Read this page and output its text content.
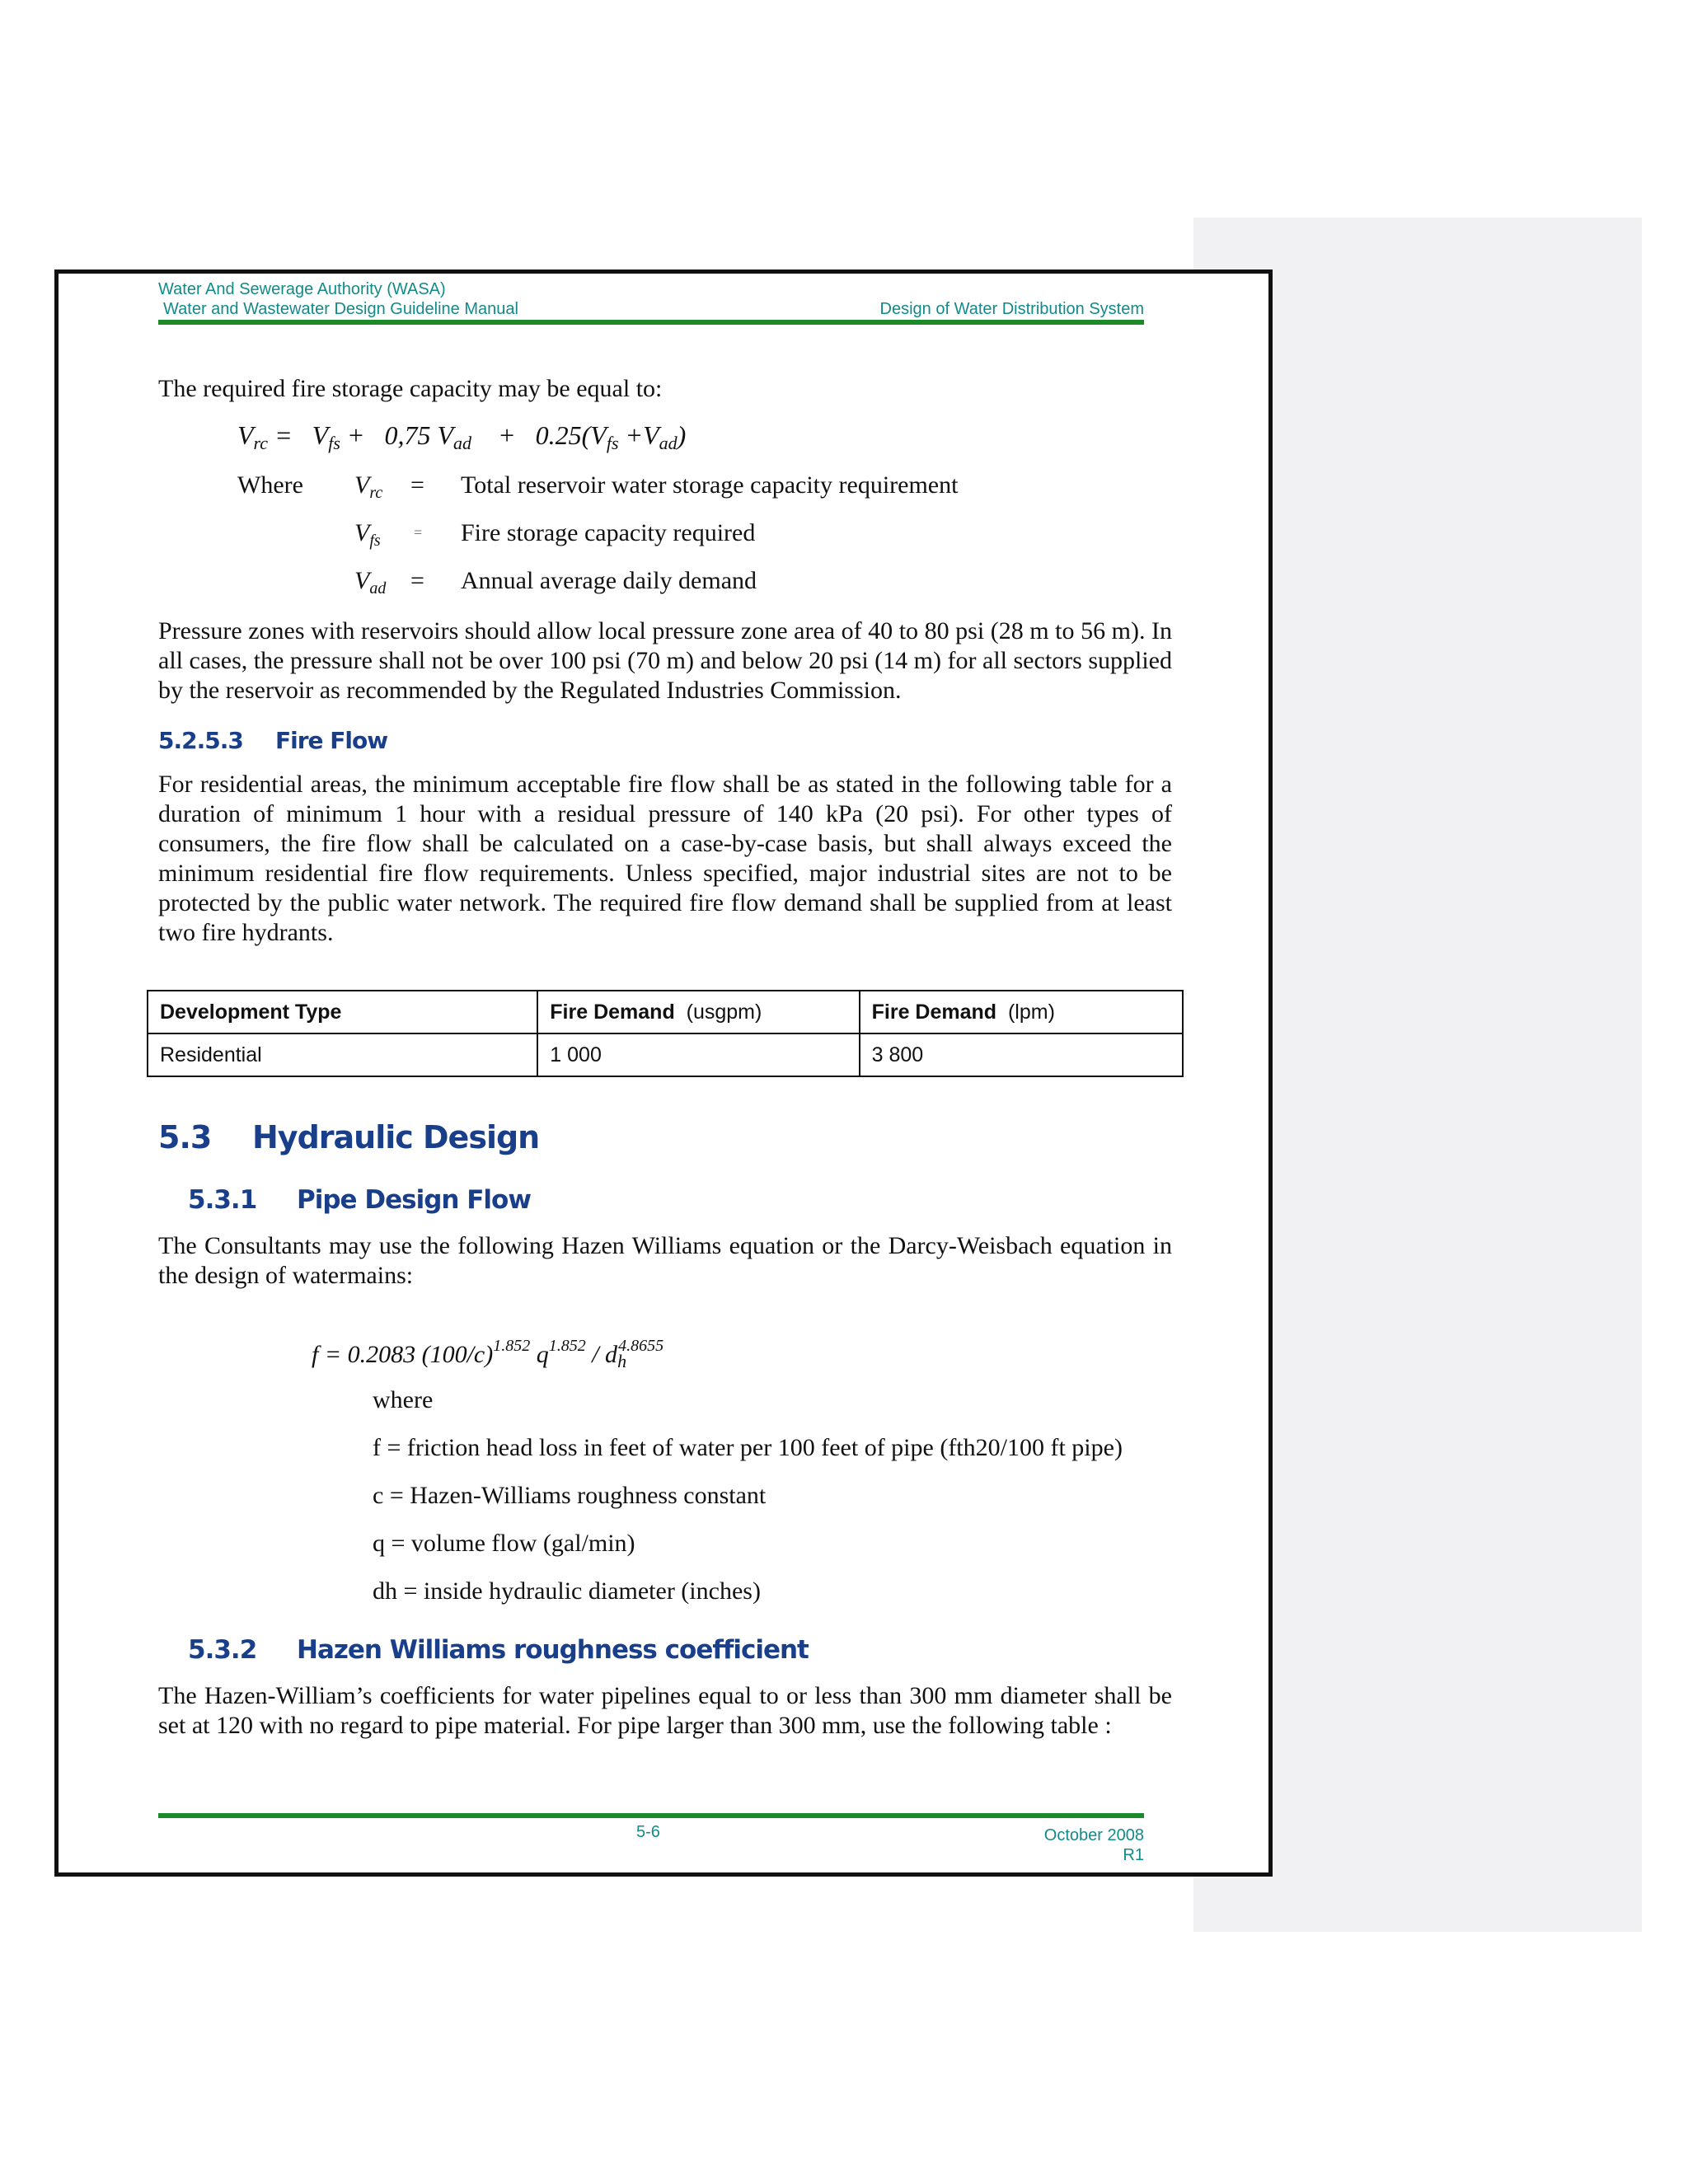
Water And Sewerage Authority (WASA)
Water and Wastewater Design Guideline Manual	Design of Water Distribution System
The required fire storage capacity may be equal to:
$V_{rc} = V_{fs} + 0,75$ $V_{ad}$    +   $0.25(V_{fs} +V_{ad})$
Where $V_{rc}$ = Total reservoir water storage capacity requirement
$V_{fs}$ = Fire storage capacity required
$V_{ad}$ = Annual average daily demand
Pressure zones with reservoirs should allow local pressure zone area of 40 to 80 psi (28 m to 56 m). In all cases, the pressure shall not be over 100 psi (70 m) and below 20 psi (14 m) for all sectors supplied by the reservoir as recommended by the Regulated Industries Commission.
5.2.5.3 Fire Flow
For residential areas, the minimum acceptable fire flow shall be as stated in the following table for a duration of minimum 1 hour with a residual pressure of 140 kPa (20 psi). For other types of consumers, the fire flow shall be calculated on a case-by-case basis, but shall always exceed the minimum residential fire flow requirements. Unless specified, major industrial sites are not to be protected by the public water network. The required fire flow demand shall be supplied from at least two fire hydrants.
Development Type	Fire Demand (usgpm)	Fire Demand (lpm)
Residential	1 000	3 800
5.3 Hydraulic Design
5.3.1 Pipe Design Flow
The Consultants may use the following Hazen Williams equation or the Darcy-Weisbach equation in the design of watermains:
f = 0.2083 $(100/c)^{1.852}$ $q^{1.852} / d_h^{4.8655}$
where
f = friction head loss in feet of water per 100 feet of pipe (fth20/100 ft pipe)
c = Hazen-Williams roughness constant
q = volume flow (gal/min)
dh = inside hydraulic diameter (inches)
5.3.2 Hazen Williams roughness coefficient
The Hazen-William’s coefficients for water pipelines equal to or less than 300 mm diameter shall be set at 120 with no regard to pipe material. For pipe larger than 300 mm, use the following table :
5-6	October 2008
R1
